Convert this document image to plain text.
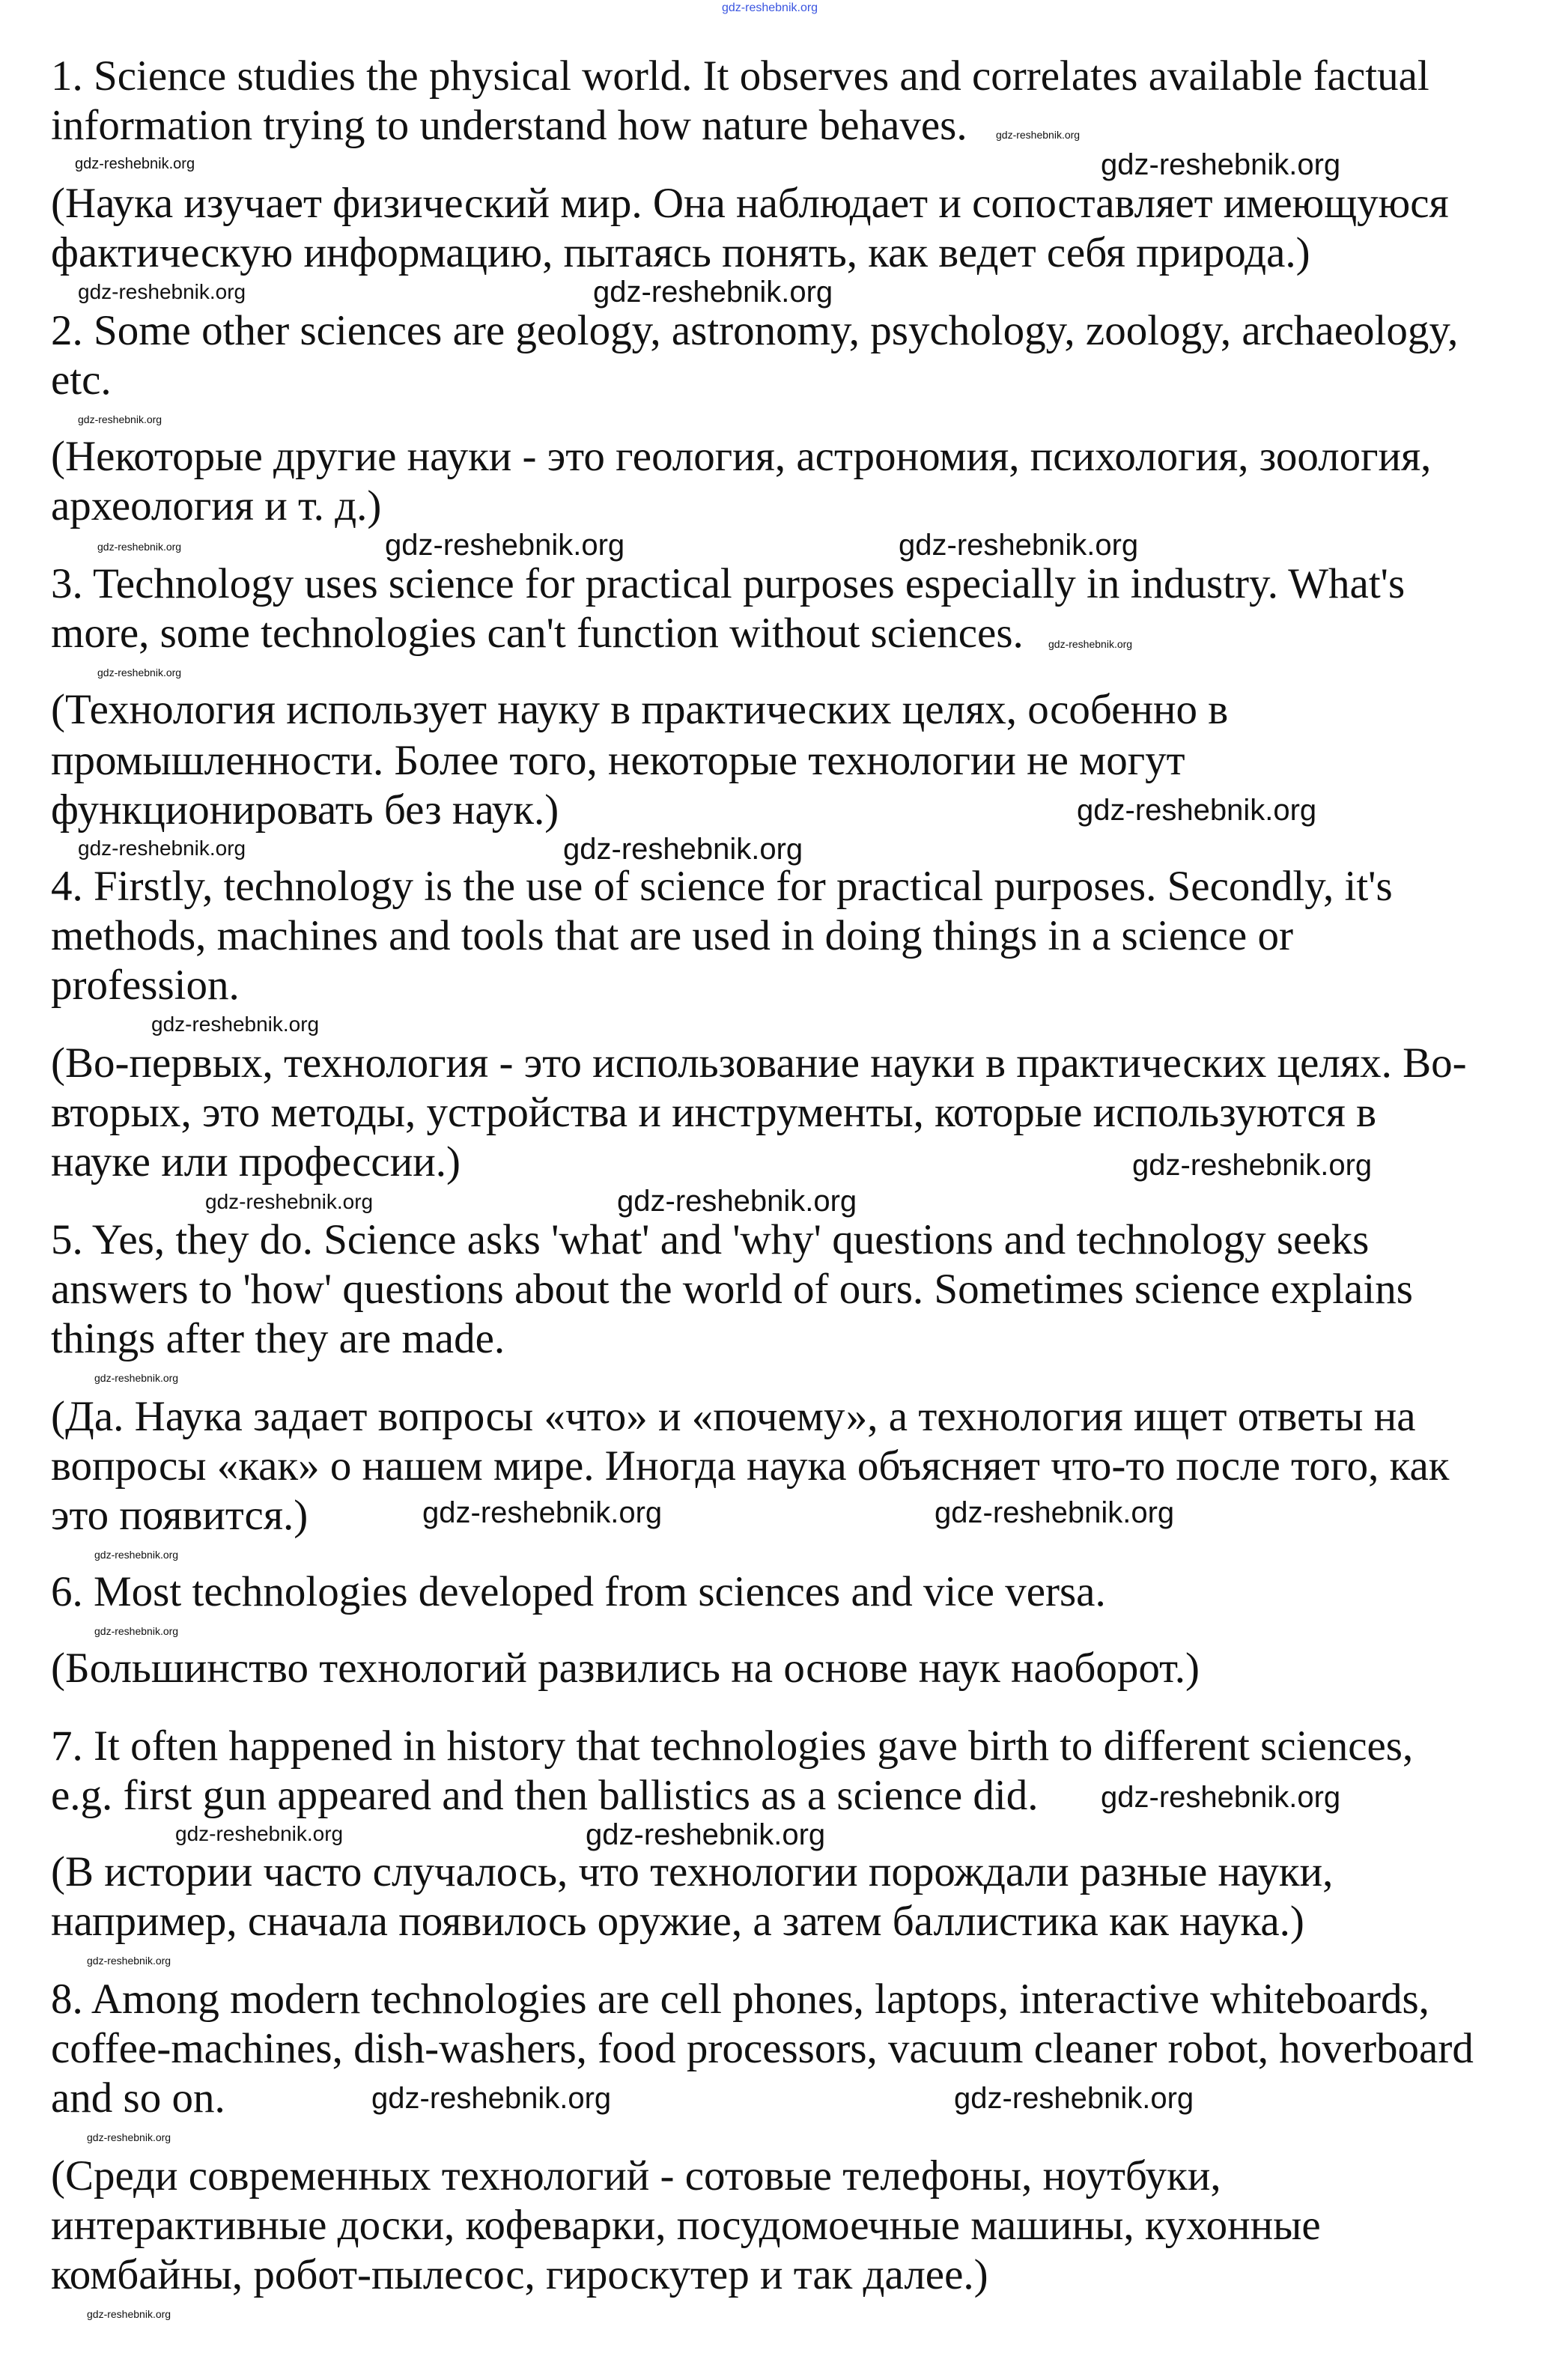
1. Science studies the physical world. It observes and correlates available factual
information trying to understand how nature behaves.
(Наука изучает физический мир. Она наблюдает и сопоставляет имеющуюся
фактическую информацию, пытаясь понять, как ведет себя природа.)
2. Some other sciences are geology, astronomy, psychology, zoology, archaeology,
etc.
(Некоторые другие науки - это геология, астрономия, психология, зоология,
археология и т. д.)
3. Technology uses science for practical purposes especially in industry. What's
more, some technologies can't function without sciences.
(Технология использует науку в практических целях, особенно в
промышленности. Более того, некоторые технологии не могут
функционировать без наук.)
4. Firstly, technology is the use of science for practical purposes. Secondly, it's
methods, machines and tools that are used in doing things in a science or
profession.
(Во-первых, технология - это использование науки в практических целях. Во-
вторых, это методы, устройства и инструменты, которые используются в
науке или профессии.)
5. Yes, they do. Science asks 'what' and 'why' questions and technology seeks
answers to 'how' questions about the world of ours. Sometimes science explains
things after they are made.
(Да. Наука задает вопросы «что» и «почему», а технология ищет ответы на
вопросы «как» о нашем мире. Иногда наука объясняет что-то после того, как
это появится.)
6. Most technologies developed from sciences and vice versa.
(Большинство технологий развились на основе наук наоборот.)
7. It often happened in history that technologies gave birth to different sciences,
e.g. first gun appeared and then ballistics as a science did.
(В истории часто случалось, что технологии порождали разные науки,
например, сначала появилось оружие, а затем баллистика как наука.)
8. Among modern technologies are cell phones, laptops, interactive whiteboards,
coffee-machines, dish-washers, food processors, vacuum cleaner robot, hoverboard
and so on.
(Среди современных технологий - сотовые телефоны, ноутбуки,
интерактивные доски, кофеварки, посудомоечные машины, кухонные
комбайны, робот-пылесос, гироскутер и так далее.)
gdz-reshebnik.org
gdz-reshebnik.org
gdz-reshebnik.org
gdz-reshebnik.org	gdz-reshebnik.org
gdz-reshebnik.org
gdz-reshebnik.org
gdz-reshebnik.org
gdz-reshebnik.org
gdz-reshebnik.org	gdz-reshebnik.org
gdz-reshebnik.org
gdz-reshebnik.org
gdz-reshebnik.org	gdz-reshebnik.org
gdz-reshebnik.org
gdz-reshebnik.org
gdz-reshebnik.org
gdz-reshebnik.org
gdz-reshebnik.org
gdz-reshebnik.org
gdz-reshebnik.org
gdz-reshebnik.org
gdz-reshebnik.org
gdz-reshebnik.org
gdz-reshebnik.org
gdz-reshebnik.org
gdz-reshebnik.org
gdz-reshebnik.org
gdz-reshebnik.org
gdz-reshebnik.org
gdz-reshebnik.org
